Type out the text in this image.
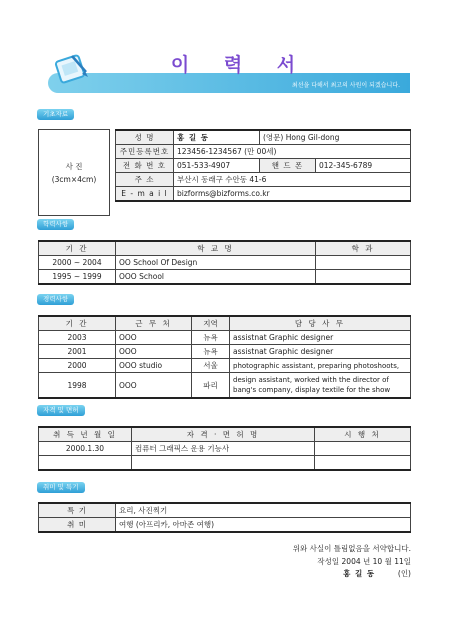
이 력 서
최선을 다해서 최고의 사원이 되겠습니다.
기초자료
사 진
(3cm×4cm)
성 명	홍 길 동	(영문) Hong Gil-dong	
주민등록번호	123456-1234567 (만 00세)		
전 화 번 호	051-533-4907	핸 드 폰	012-345-6789
주 소	부산시 동래구 수안동 41-6		
E - m a i l	bizforms@bizforms.co.kr		
학력사항
기 간	학 교 명	학 과
2000 ~ 2004	OO School Of Design	
1995 ~ 1999	OOO School	
경력사항
기 간	근 무 처	지역	담 당 사 무
2003	OOO	뉴욕	assistnat Graphic designer
2001	OOO	뉴욕	assistnat Graphic designer
2000	OOO studio	서울	photographic assistant, preparing photoshoots,
1998	OOO	파리	design assistant, worked with the director of bang's company, display textile for the show
자격 및 면허
취 득 년 월 일	자 격 · 면 허 명	시 행 처
2000.1.30	컴퓨터 그래픽스 운용 기능사	

취미 및 특기
특 기	요리, 사진찍기
취 미	여행 (아프리카, 아마존 여행)
위와 사실이 틀림없음을 서약합니다.
작성일 2004 년 10 월 11일
홍 길 동	(인)
